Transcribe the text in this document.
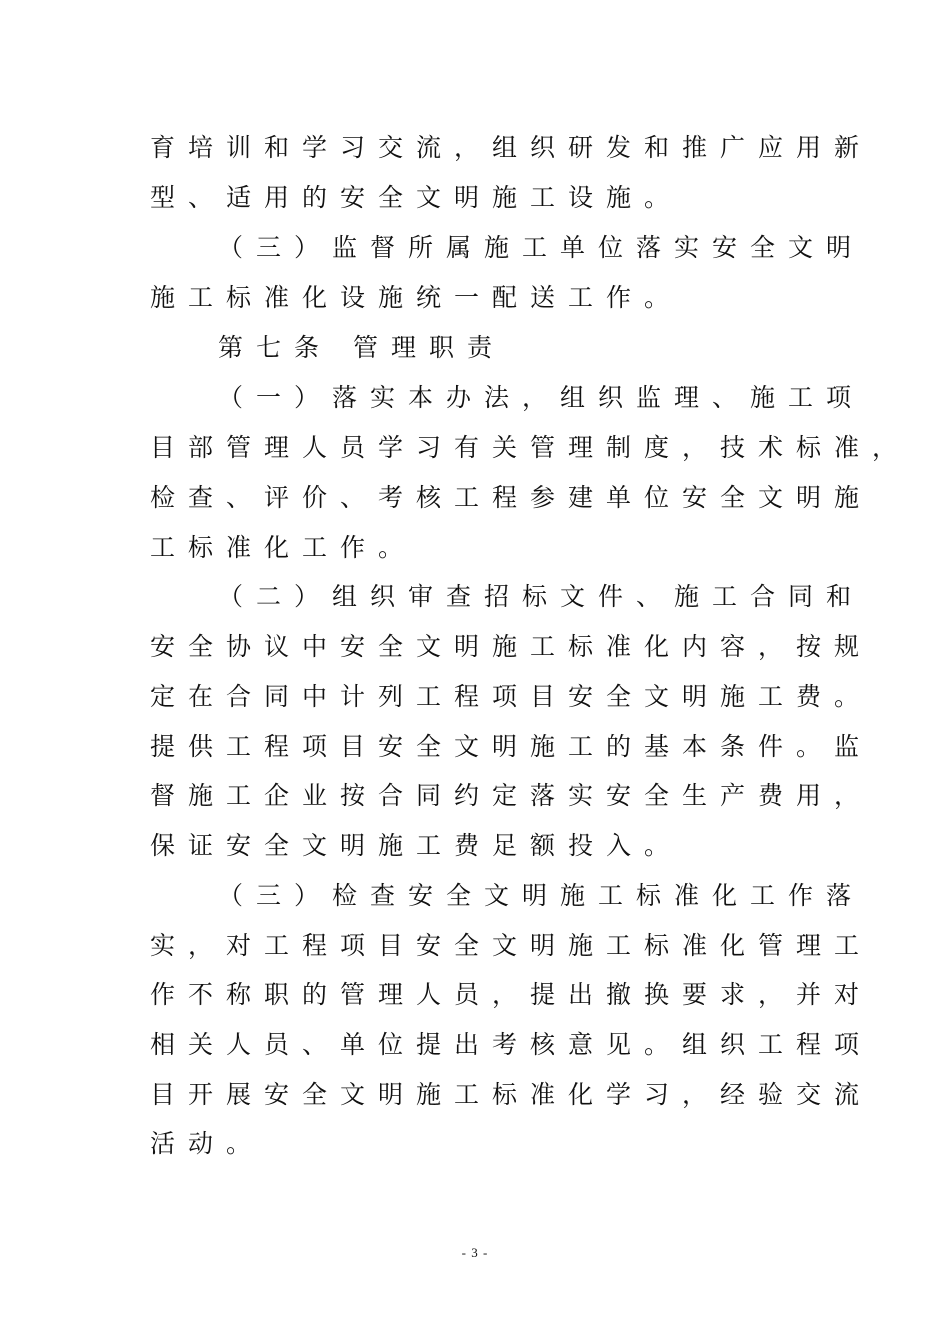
育培训和学习交流，组织研发和推广应用新
型、适用的安全文明施工设施。
（三）监督所属施工单位落实安全文明
施工标准化设施统一配送工作。
第七条 管理职责
（一）落实本办法，组织监理、施工项
目部管理人员学习有关管理制度，技术标准，
检查、评价、考核工程参建单位安全文明施
工标准化工作。
（二）组织审查招标文件、施工合同和
安全协议中安全文明施工标准化内容，按规
定在合同中计列工程项目安全文明施工费。
提供工程项目安全文明施工的基本条件。监
督施工企业按合同约定落实安全生产费用，
保证安全文明施工费足额投入。
（三）检查安全文明施工标准化工作落
实，对工程项目安全文明施工标准化管理工
作不称职的管理人员，提出撤换要求，并对
相关人员、单位提出考核意见。组织工程项
目开展安全文明施工标准化学习，经验交流
活动。
- 3 -
